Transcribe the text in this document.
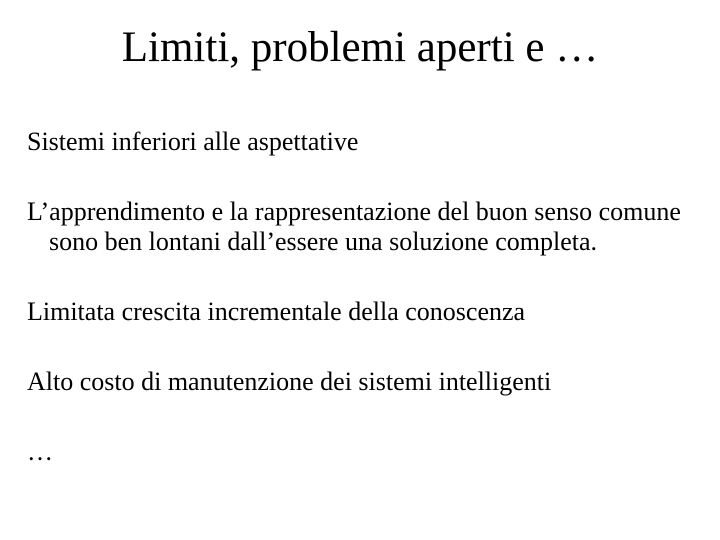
Limiti, problemi aperti e …
Sistemi inferiori alle aspettative
L’apprendimento e la rappresentazione del buon senso comune sono ben lontani dall’essere una soluzione completa.
Limitata crescita incrementale della conoscenza
Alto costo di manutenzione dei sistemi intelligenti
…
